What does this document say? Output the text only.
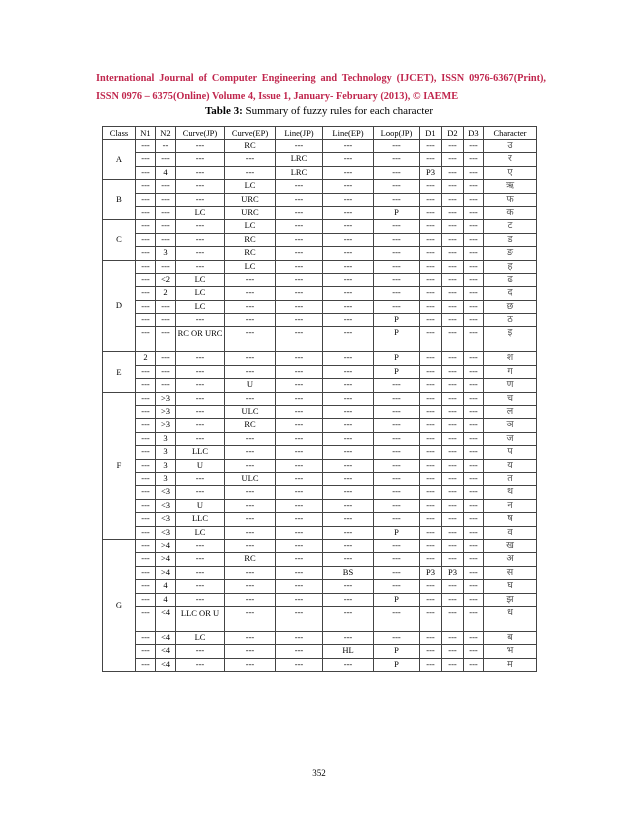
International Journal of Computer Engineering and Technology (IJCET), ISSN 0976-6367(Print), ISSN 0976 – 6375(Online) Volume 4, Issue 1, January- February (2013), © IAEME
Table 3: Summary of fuzzy rules for each character
Class	N1	N2	Curve(JP)	Curve(EP)	Line(JP)	Line(EP)	Loop(JP)	D1	D2	D3	Character
A	---	--	---	RC	---	---	---	---	---	---	उ
	---	---	---	---	LRC	---	---	---	---	---	र
	---	4	---	---	LRC	---	---	P3	---	---	ए
B	---	---	---	LC	---	---	---	---	---	---	ऋ
	---	---	---	URC	---	---	---	---	---	---	फ
	---	---	LC	URC	---	---	P	---	---	---	क
C	---	---	---	LC	---	---	---	---	---	---	ट
	---	---	---	RC	---	---	---	---	---	---	ड
	---	3	---	RC	---	---	---	---	---	---	ङ
D	---	---	---	LC	---	---	---	---	---	---	ह
	---	<2	LC	---	---	---	---	---	---	---	ढ
	---	2	LC	---	---	---	---	---	---	---	द
	---	---	LC	---	---	---	---	---	---	---	छ
	---	---	---	---	---	---	P	---	---	---	ठ
	---	---	RC OR URC	---	---	---	P	---	---	---	इ
E	2	---	---	---	---	---	P	---	---	---	श
	---	---	---	---	---	---	P	---	---	---	ग
	---	---	---	U	---	---	---	---	---	---	ण
F	---	>3	---	---	---	---	---	---	---	---	च
	---	>3	---	ULC	---	---	---	---	---	---	ल
	---	>3	---	RC	---	---	---	---	---	---	ञ
	---	3	---	---	---	---	---	---	---	---	ज
	---	3	LLC	---	---	---	---	---	---	---	प
	---	3	U	---	---	---	---	---	---	---	य
	---	3	---	ULC	---	---	---	---	---	---	त
	---	<3	---	---	---	---	---	---	---	---	थ
	---	<3	U	---	---	---	---	---	---	---	न
	---	<3	LLC	---	---	---	---	---	---	---	ष
	---	<3	LC	---	---	---	P	---	---	---	व
G	---	>4	---	---	---	---	---	---	---	---	ख
	---	>4	---	RC	---	---	---	---	---	---	अ
	---	>4	---	---	---	BS	---	P3	P3	---	स
	---	4	---	---	---	---	---	---	---	---	घ
	---	4	---	---	---	---	P	---	---	---	झ
	---	<4	LLC OR U	---	---	---	---	---	---	---	ध
	---	<4	LC	---	---	---	---	---	---	---	ब
	---	<4	---	---	---	HL	P	---	---	---	भ
	---	<4	---	---	---	---	P	---	---	---	म
352
